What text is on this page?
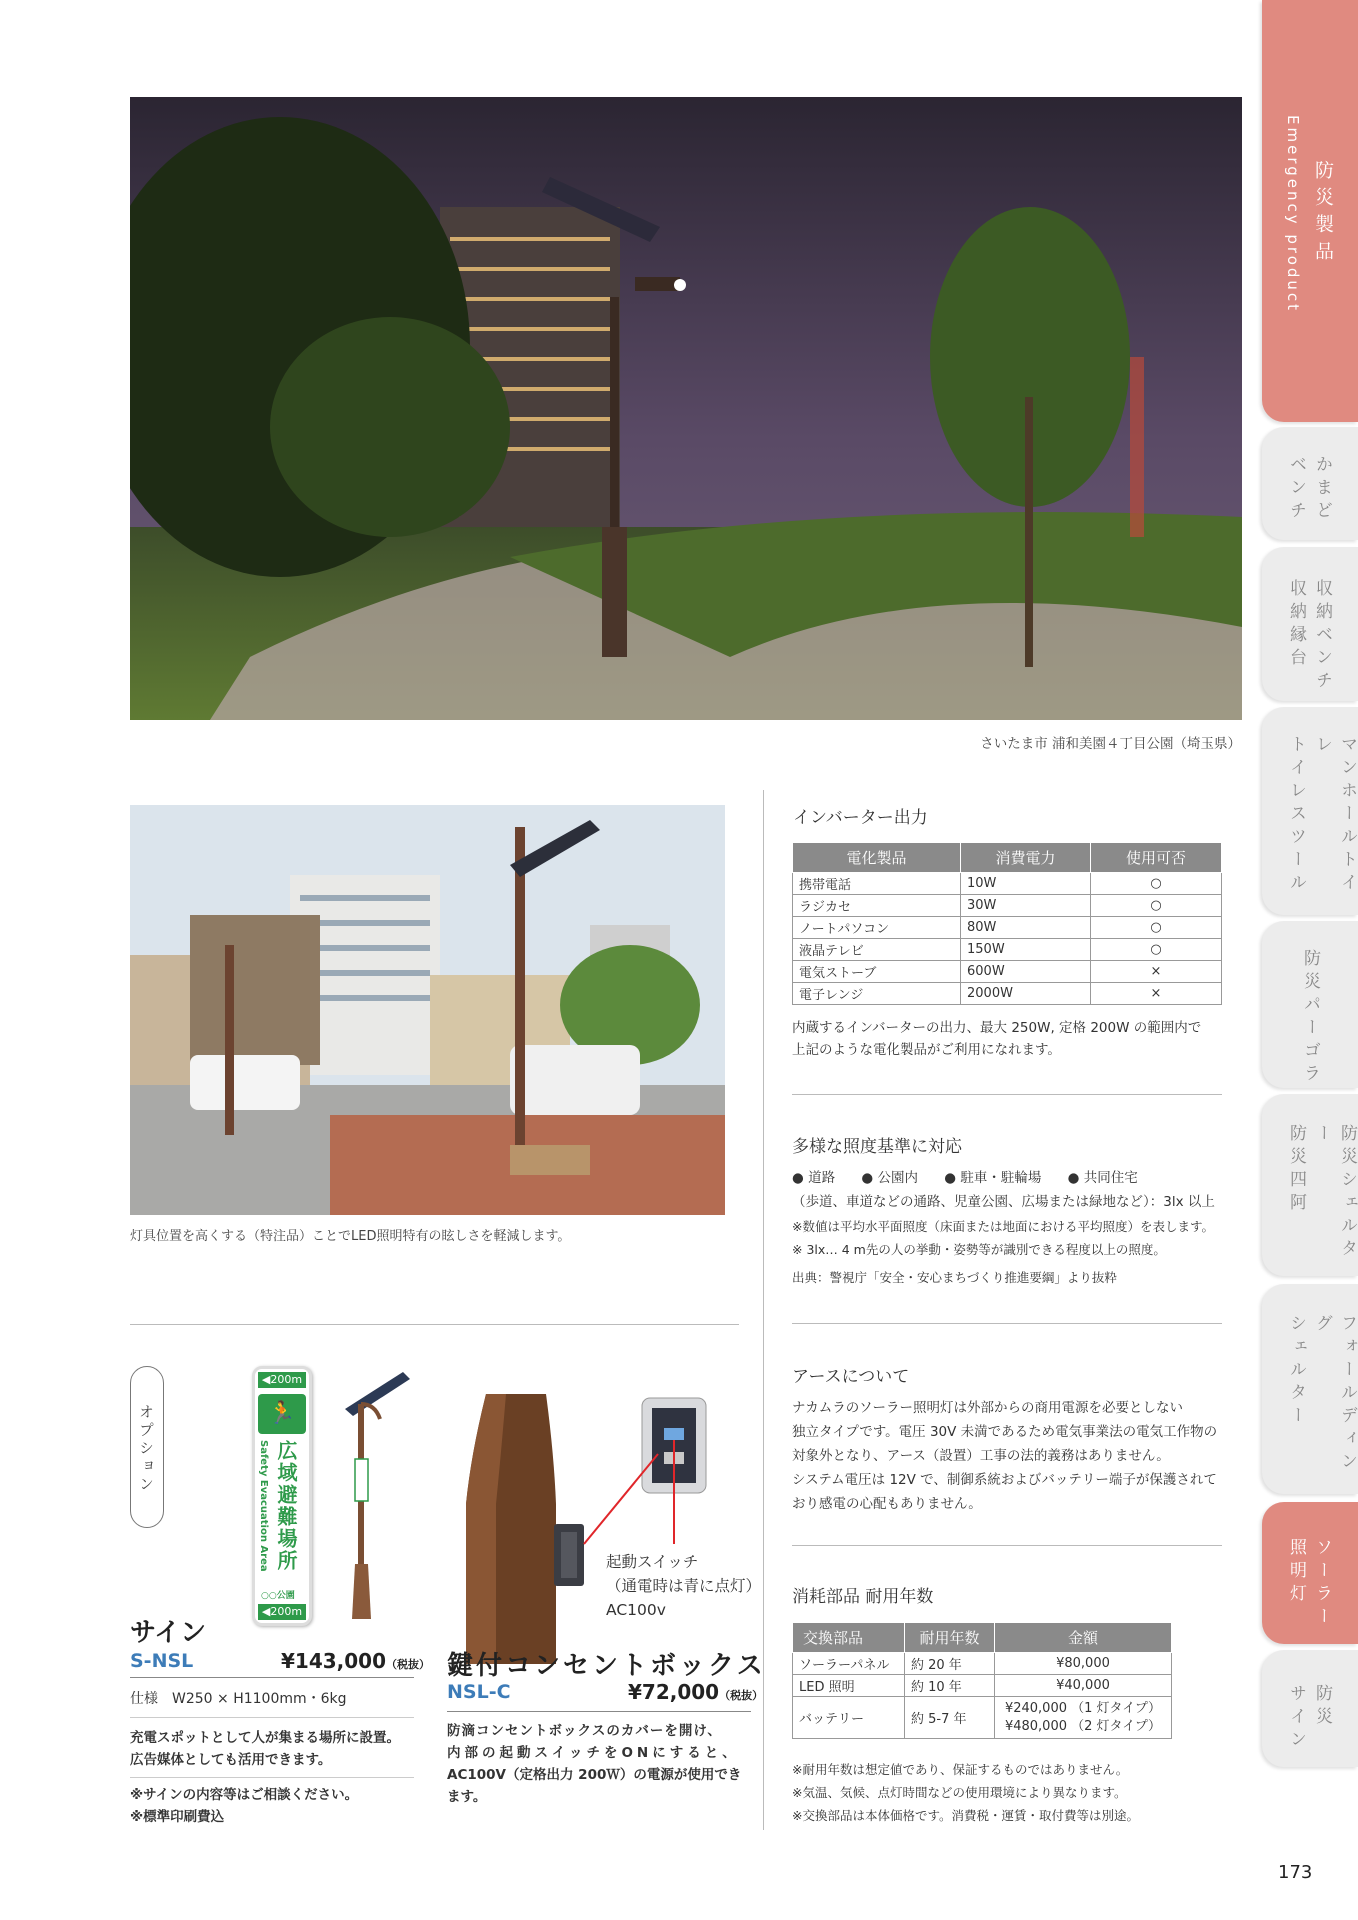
さいたま市 浦和美園４丁目公園（埼玉県）
灯具位置を高くする（特注品）ことでLED照明特有の眩しさを軽減します。
インバーター出力
電化製品	消費電力	使用可否
携帯電話	10W	○
ラジカセ	30W	○
ノートパソコン	80W	○
液晶テレビ	150W	○
電気ストーブ	600W	×
電子レンジ	2000W	×
内蔵するインバーターの出力、最大 250W, 定格 200W の範囲内で
上記のような電化製品がご利用になれます。
多様な照度基準に対応
● 道路 ● 公園内 ● 駐車・駐輪場 ● 共同住宅
（歩道、車道などの通路、児童公園、広場または緑地など）：3lx 以上
※数値は平均水平面照度（床面または地面における平均照度）を表します。
※ 3lx… 4 m先の人の挙動・姿勢等が識別できる程度以上の照度。
出典：警視庁「安全・安心まちづくり推進要綱」より抜粋
アースについて
ナカムラのソーラー照明灯は外部からの商用電源を必要としない
独立タイプです。電圧 30V 未満であるため電気事業法の電気工作物の
対象外となり、アース（設置）工事の法的義務はありません。
システム電圧は 12V で、制御系統およびバッテリー端子が保護されて
おり感電の心配もありません。
消耗部品 耐用年数
交換部品	耐用年数	金額
ソーラーパネル	約 20 年	¥80,000
LED 照明	約 10 年	¥40,000
バッテリー	約 5-7 年	¥240,000 （1 灯タイプ）
¥480,000 （2 灯タイプ）
※耐用年数は想定値であり、保証するものではありません。
※気温、気候、点灯時間などの使用環境により異なります。
※交換部品は本体価格です。消費税・運賃・取付費等は別途。
オプション
◀200m
🏃
Safety Evacuation Area 広域避難場所
○○公園
◀200m
サイン
S-NSL	¥143,000（税抜）
仕様　W250 × H1100mm・6kg
充電スポットとして人が集まる場所に設置。
広告媒体としても活用できます。
※サインの内容等はご相談ください。
※標準印刷費込
起動スイッチ
（通電時は青に点灯）
AC100v
鍵付コンセントボックス
NSL-C	¥72,000（税抜）
防滴コンセントボックスのカバーを開け、
内部の起動スイッチをONにすると、
AC100V（定格出力 200Ｗ）の電源が使用でき
ます。
防災製品
Emergency product
かまど
ベンチ
収納ベンチ
収納縁台
マンホールトイレ
トイレスツール
防災パーゴラ
防災シェルター
防災四阿
フォールディング
シェルター
ソーラー
照明灯
防災
サイン
173
